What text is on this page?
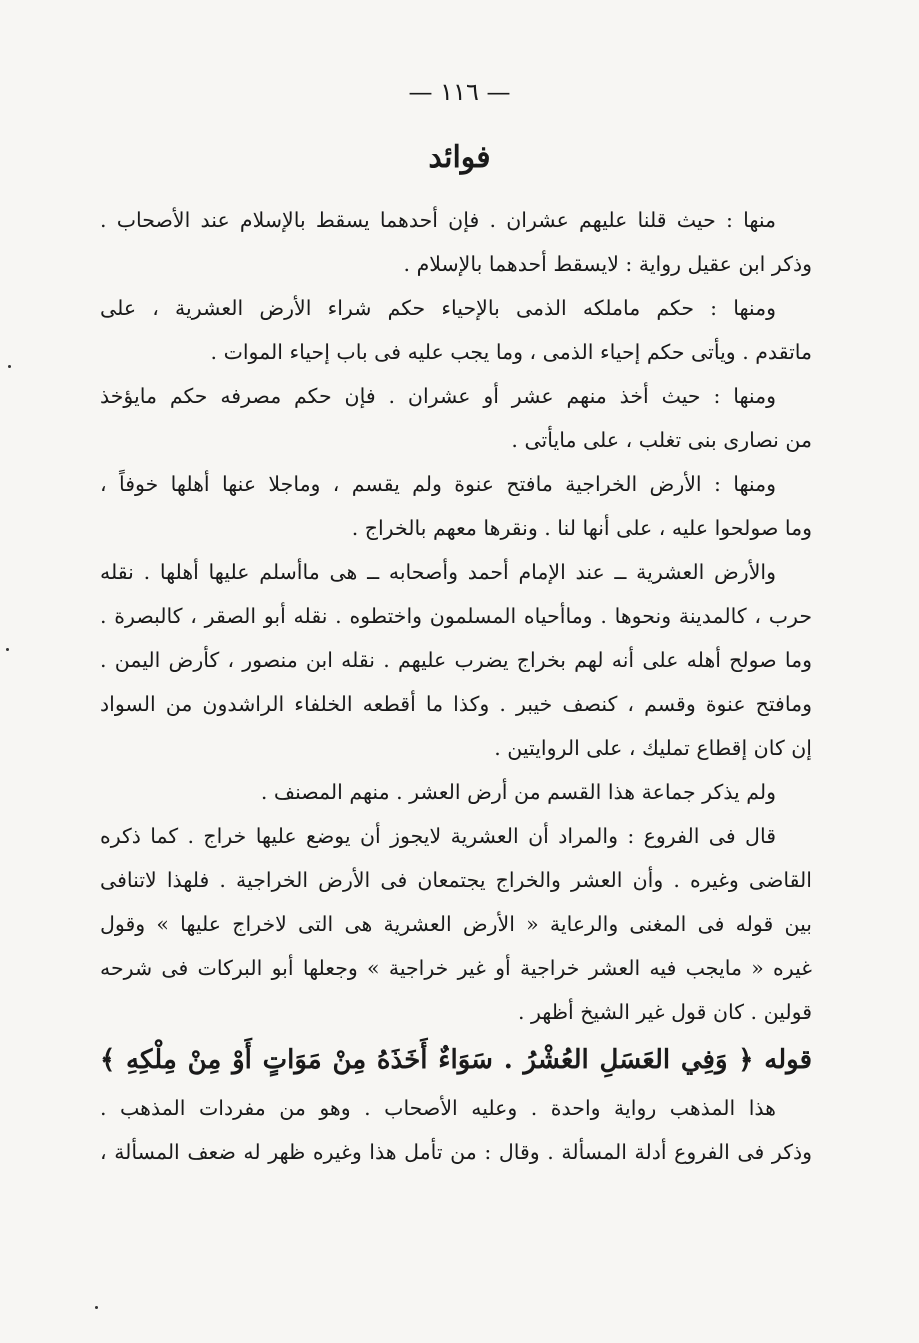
— ١١٦ —
فوائد
منها : حيث قلنا عليهم عشران . فإن أحدهما يسقط بالإسلام عند الأصحاب .
وذكر ابن عقيل رواية : لايسقط أحدهما بالإسلام .
ومنها : حكم ماملكه الذمى بالإحياء حكم شراء الأرض العشرية ، على
ماتقدم . ويأتى حكم إحياء الذمى ، وما يجب عليه فى باب إحياء الموات .
ومنها : حيث أخذ منهم عشر أو عشران . فإن حكم مصرفه حكم مايؤخذ
من نصارى بنى تغلب ، على مايأتى .
ومنها : الأرض الخراجية مافتح عنوة ولم يقسم ، وماجلا عنها أهلها خوفاً ،
وما صولحوا عليه ، على أنها لنا . ونقرها معهم بالخراج .
والأرض العشرية ــ عند الإمام أحمد وأصحابه ــ هى ماأسلم عليها أهلها . نقله
حرب ، كالمدينة ونحوها . وماأحياه المسلمون واختطوه . نقله أبو الصقر ، كالبصرة .
وما صولح أهله على أنه لهم بخراج يضرب عليهم . نقله ابن منصور ، كأرض اليمن .
ومافتح عنوة وقسم ، كنصف خيبر . وكذا ما أقطعه الخلفاء الراشدون من السواد
إن كان إقطاع تمليك ، على الروايتين .
ولم يذكر جماعة هذا القسم من أرض العشر . منهم المصنف .
قال فى الفروع : والمراد أن العشرية لايجوز أن يوضع عليها خراج . كما ذكره
القاضى وغيره . وأن العشر والخراج يجتمعان فى الأرض الخراجية . فلهذا لاتنافى
بين قوله فى المغنى والرعاية « الأرض العشرية هى التى لاخراج عليها » وقول
غيره « مايجب فيه العشر خراجية أو غير خراجية » وجعلها أبو البركات فى شرحه
قولين . كان قول غير الشيخ أظهر .
قوله ﴿ وَفِي العَسَلِ العُشْرُ . سَوَاءٌ أَخَذَهُ مِنْ مَوَاتٍ أَوْ مِنْ مِلْكِهِ ﴾
هذا المذهب رواية واحدة . وعليه الأصحاب . وهو من مفردات المذهب .
وذكر فى الفروع أدلة المسألة . وقال : من تأمل هذا وغيره ظهر له ضعف المسألة ،
